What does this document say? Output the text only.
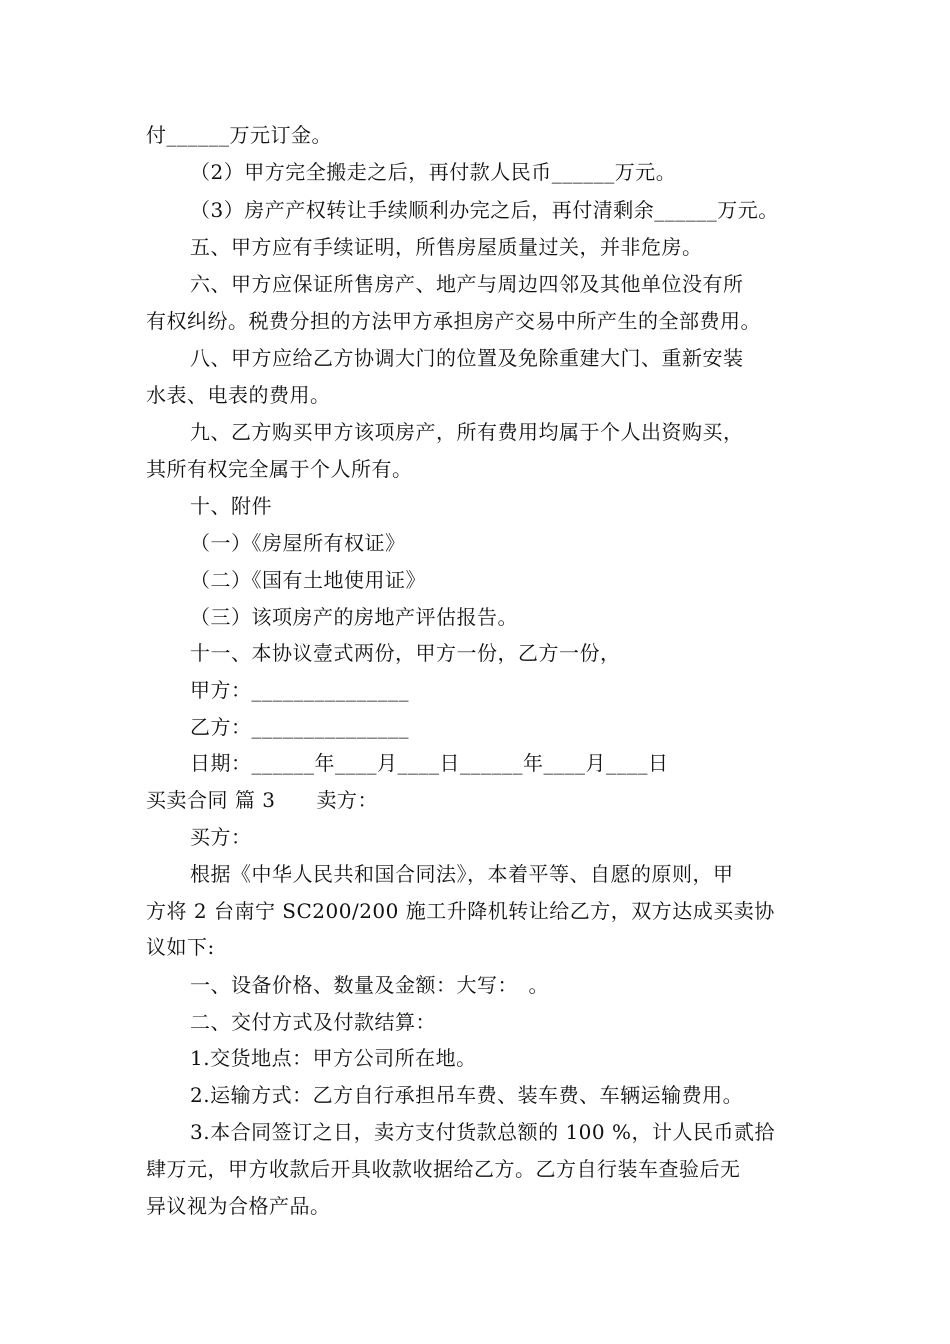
付______万元订金。
（2）甲方完全搬走之后，再付款人民币______万元。
（3）房产产权转让手续顺利办完之后，再付清剩余______万元。
五、甲方应有手续证明，所售房屋质量过关，并非危房。
六、甲方应保证所售房产、地产与周边四邻及其他单位没有所
有权纠纷。税费分担的方法甲方承担房产交易中所产生的全部费用。
八、甲方应给乙方协调大门的位置及免除重建大门、重新安装
水表、电表的费用。
九、乙方购买甲方该项房产，所有费用均属于个人出资购买，
其所有权完全属于个人所有。
十、附件
（一）《房屋所有权证》
（二）《国有土地使用证》
（三）该项房产的房地产评估报告。
十一、本协议壹式两份，甲方一份，乙方一份，
甲方：_______________
乙方：_______________
日期：______年____月____日______年____月____日
买卖合同 篇 3　　卖方：
买方：
根据《中华人民共和国合同法》，本着平等、自愿的原则，甲
方将 2 台南宁 SC200/200 施工升降机转让给乙方，双方达成买卖协
议如下:
一、设备价格、数量及金额：大写：　。
二、交付方式及付款结算：
1.交货地点：甲方公司所在地。
2.运输方式：乙方自行承担吊车费、装车费、车辆运输费用。
3.本合同签订之日，卖方支付货款总额的 100 %，计人民币贰拾
肆万元，甲方收款后开具收款收据给乙方。乙方自行装车查验后无
异议视为合格产品。
